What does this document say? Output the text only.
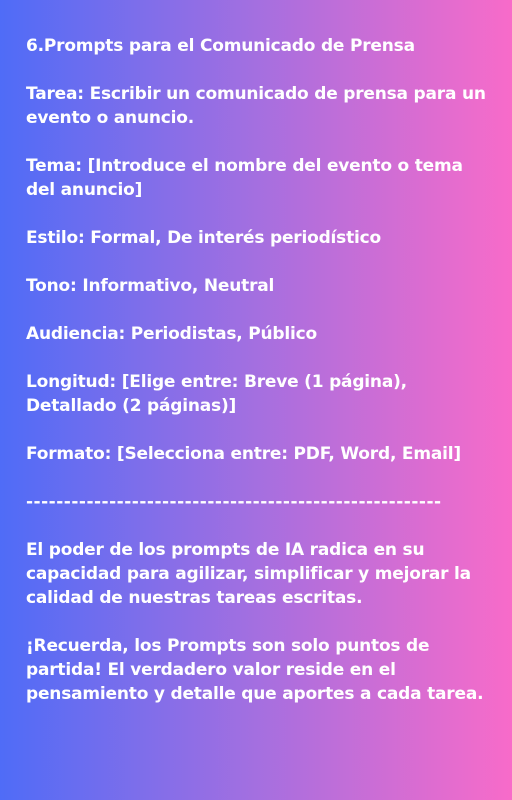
6.Prompts para el Comunicado de Prensa

Tarea: Escribir un comunicado de prensa para un evento o anuncio.

Tema: [Introduce el nombre del evento o tema del anuncio]

Estilo: Formal, De interés periodístico

Tono: Informativo, Neutral

Audiencia: Periodistas, Público

Longitud: [Elige entre: Breve (1 página), Detallado (2 páginas)]

Formato: [Selecciona entre: PDF, Word, Email]

-------------------------------------------------------

El poder de los prompts de IA radica en su capacidad para agilizar, simplificar y mejorar la calidad de nuestras tareas escritas.

¡Recuerda, los Prompts son solo puntos de partida! El verdadero valor reside en el pensamiento y detalle que aportes a cada tarea.
